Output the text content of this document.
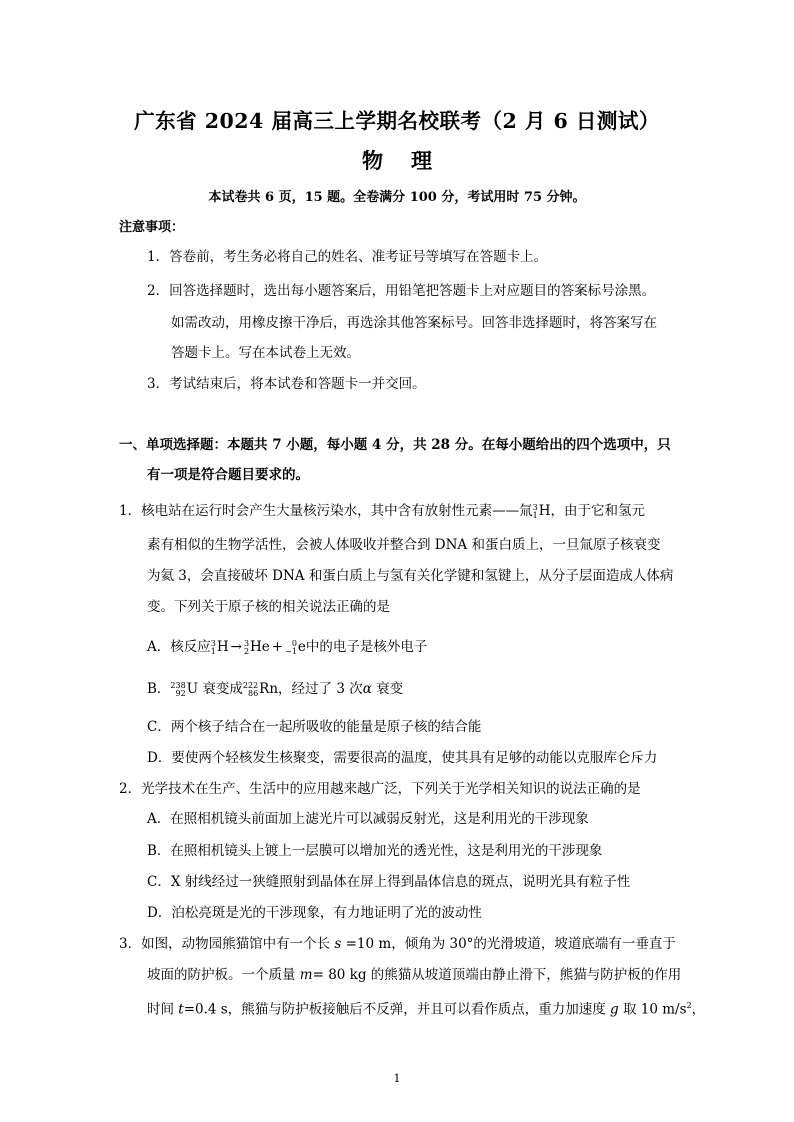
广东省 2024 届高三上学期名校联考（2 月 6 日测试）
物 理
本试卷共 6 页，15 题。全卷满分 100 分，考试用时 75 分钟。
注意事项：
1．答卷前，考生务必将自己的姓名、准考证号等填写在答题卡上。
2．回答选择题时，选出每小题答案后，用铅笔把答题卡上对应题目的答案标号涂黑。
如需改动，用橡皮擦干净后，再选涂其他答案标号。回答非选择题时，将答案写在
答题卡上。写在本试卷上无效。
3．考试结束后，将本试卷和答题卡一并交回。
一、单项选择题：本题共 7 小题，每小题 4 分，共 28 分。在每小题给出的四个选项中，只
有一项是符合题目要求的。
1．核电站在运行时会产生大量核污染水，其中含有放射性元素——氚 3
1 H，由于它和氢元
素有相似的生物学活性，会被人体吸收并整合到 DNA 和蛋白质上，一旦氚原子核衰变
为氦 3，会直接破坏 DNA 和蛋白质上与氢有关化学键和氢键上，从分子层面造成人体病
变。下列关于原子核的相关说法正确的是
A．核反应 3
1 H → 3
2 He +	0
−1 e中的电子是核外电子
B． 238
92 U 衰变成 222
86 Rn，经过了 3 次α 衰变
C．两个核子结合在一起所吸收的能量是原子核的结合能
D．要使两个轻核发生核聚变，需要很高的温度，使其具有足够的动能以克服库仑斥力
2．光学技术在生产、生活中的应用越来越广泛，下列关于光学相关知识的说法正确的是
A．在照相机镜头前面加上滤光片可以减弱反射光，这是利用光的干涉现象
B．在照相机镜头上镀上一层膜可以增加光的透光性，这是利用光的干涉现象
C．X 射线经过一狭缝照射到晶体在屏上得到晶体信息的斑点，说明光具有粒子性
D．泊松亮斑是光的干涉现象，有力地证明了光的波动性
3．如图，动物园熊猫馆中有一个长 s =10 m，倾角为 30°的光滑坡道，坡道底端有一垂直于
坡面的防护板。一个质量 m= 80 kg 的熊猫从坡道顶端由静止滑下，熊猫与防护板的作用
时间 t=0.4 s，熊猫与防护板接触后不反弹，并且可以看作质点，重力加速度 g 取 10 $m/s^2$，
1
